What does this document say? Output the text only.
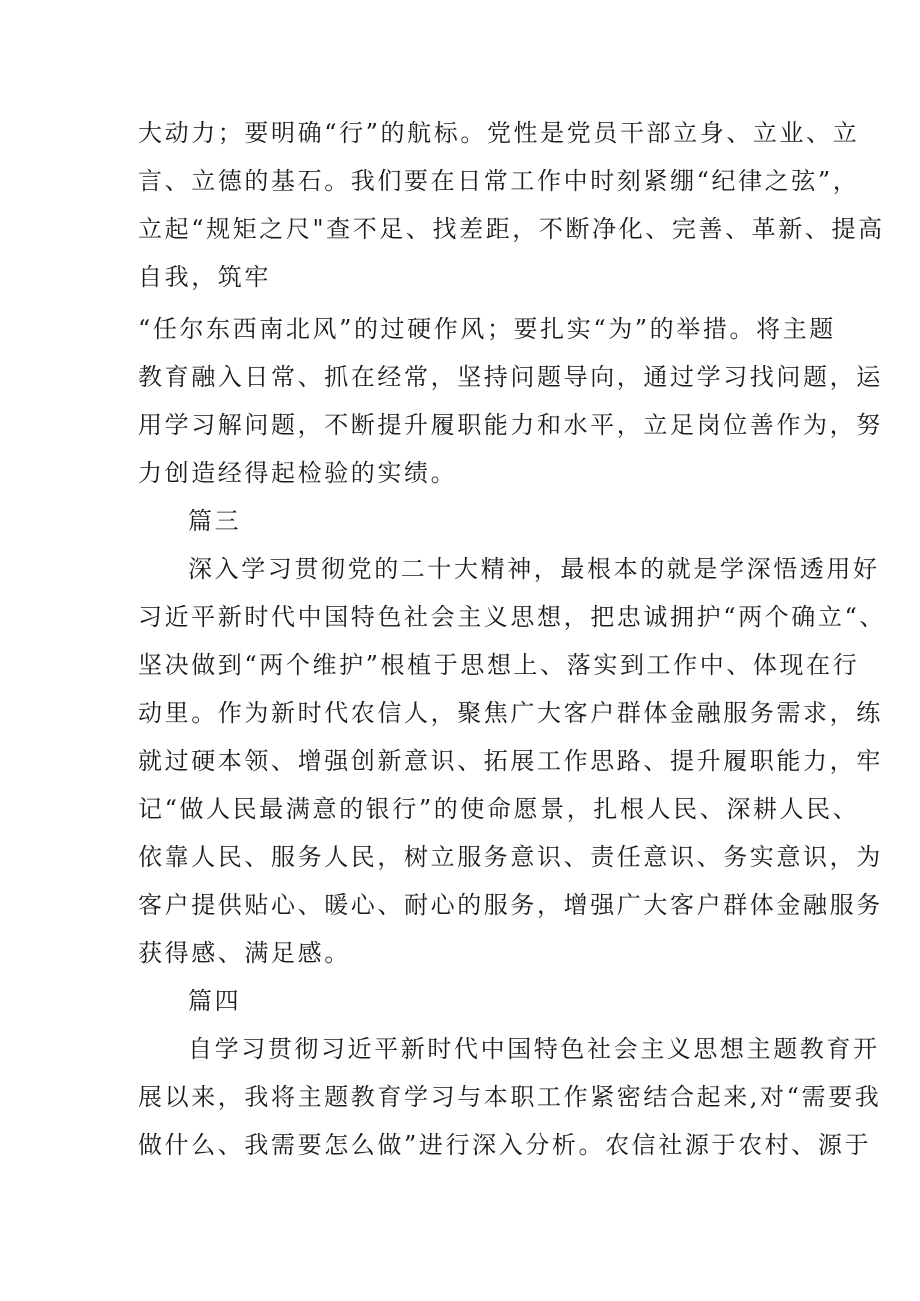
大动力；要明确“行”的航标。党性是党员干部立身、立业、立
言、立德的基石。我们要在日常工作中时刻紧绷“纪律之弦”，
立起“规矩之尺"查不足、找差距，不断净化、完善、革新、提高
自我，筑牢
“任尔东西南北风”的过硬作风；要扎实“为”的举措。将主题
教育融入日常、抓在经常，坚持问题导向，通过学习找问题，运
用学习解问题，不断提升履职能力和水平，立足岗位善作为，努
力创造经得起检验的实绩。
篇三
深入学习贯彻党的二十大精神，最根本的就是学深悟透用好
习近平新时代中国特色社会主义思想，把忠诚拥护“两个确立“、
坚决做到“两个维护”根植于思想上、落实到工作中、体现在行
动里。作为新时代农信人，聚焦广大客户群体金融服务需求，练
就过硬本领、增强创新意识、拓展工作思路、提升履职能力，牢
记“做人民最满意的银行”的使命愿景，扎根人民、深耕人民、
依靠人民、服务人民，树立服务意识、责任意识、务实意识，为
客户提供贴心、暖心、耐心的服务，增强广大客户群体金融服务
获得感、满足感。
篇四
自学习贯彻习近平新时代中国特色社会主义思想主题教育开
展以来，我将主题教育学习与本职工作紧密结合起来,对“需要我
做什么、我需要怎么做”进行深入分析。农信社源于农村、源于
